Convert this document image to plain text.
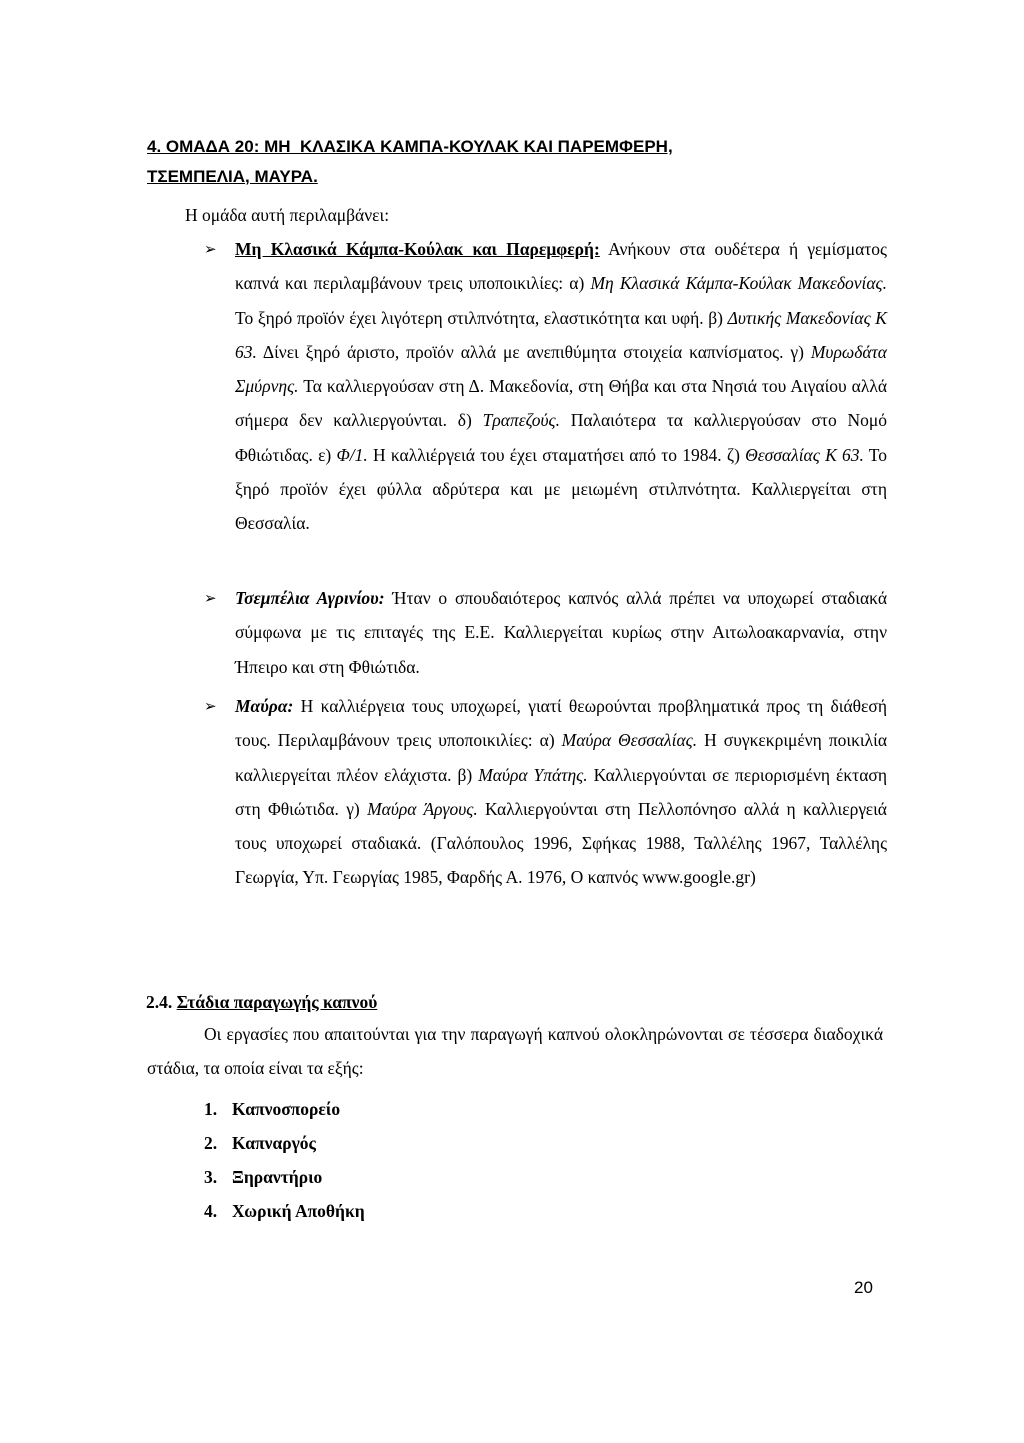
4. ΟΜΑΔΑ 20: ΜΗ  ΚΛΑΣΙΚΑ ΚΑΜΠΑ-ΚΟΥΛΑΚ ΚΑΙ ΠΑΡΕΜΦΕΡΗ,
ΤΣΕΜΠΕΛΙΑ, ΜΑΥΡΑ.
Η ομάδα αυτή περιλαμβάνει:
➢ Μη Κλασικά Κάμπα-Κούλακ και Παρεμφερή: Ανήκουν στα ουδέτερα ή γεμίσματος καπνά και περιλαμβάνουν τρεις υποποικιλίες: α) Μη Κλασικά Κάμπα-Κούλακ Μακεδονίας. Το ξηρό προϊόν έχει λιγότερη στιλπνότητα, ελαστικότητα και υφή. β) Δυτικής Μακεδονίας Κ 63. Δίνει ξηρό άριστο, προϊόν αλλά με ανεπιθύμητα στοιχεία καπνίσματος. γ) Μυρωδάτα Σμύρνης. Τα καλλιεργούσαν στη Δ. Μακεδονία, στη Θήβα και στα Νησιά του Αιγαίου αλλά σήμερα δεν καλλιεργούνται. δ) Τραπεζούς. Παλαιότερα τα καλλιεργούσαν στο Νομό Φθιώτιδας. ε) Φ/1. Η καλλιέργειά του έχει σταματήσει από το 1984. ζ) Θεσσαλίας Κ 63. Το ξηρό προϊόν έχει φύλλα αδρύτερα και με μειωμένη στιλπνότητα. Καλλιεργείται στη Θεσσαλία.
➢ Τσεμπέλια Αγρινίου: Ήταν ο σπουδαιότερος καπνός αλλά πρέπει να υποχωρεί σταδιακά σύμφωνα με τις επιταγές της Ε.Ε. Καλλιεργείται κυρίως στην Αιτωλοακαρνανία, στην Ήπειρο και στη Φθιώτιδα.
➢ Μαύρα: Η καλλιέργεια τους υποχωρεί, γιατί θεωρούνται προβληματικά προς τη διάθεσή τους. Περιλαμβάνουν τρεις υποποικιλίες: α) Μαύρα Θεσσαλίας. Η συγκεκριμένη ποικιλία καλλιεργείται πλέον ελάχιστα. β) Μαύρα Υπάτης. Καλλιεργούνται σε περιορισμένη έκταση στη Φθιώτιδα. γ) Μαύρα Άργους. Καλλιεργούνται στη Πελλοπόνησο αλλά η καλλιεργειά τους υποχωρεί σταδιακά. (Γαλόπουλος 1996, Σφήκας 1988, Ταλλέλης 1967, Ταλλέλης Γεωργία, Υπ. Γεωργίας 1985, Φαρδής Α. 1976, Ο καπνός www.google.gr)
2.4. Στάδια παραγωγής καπνού
Οι εργασίες που απαιτούνται για την παραγωγή καπνού ολοκληρώνονται σε τέσσερα διαδοχικά στάδια, τα οποία είναι τα εξής:
1. Καπνοσπορείο
2. Καπναργός
3. Ξηραντήριο
4. Χωρική Αποθήκη
20
